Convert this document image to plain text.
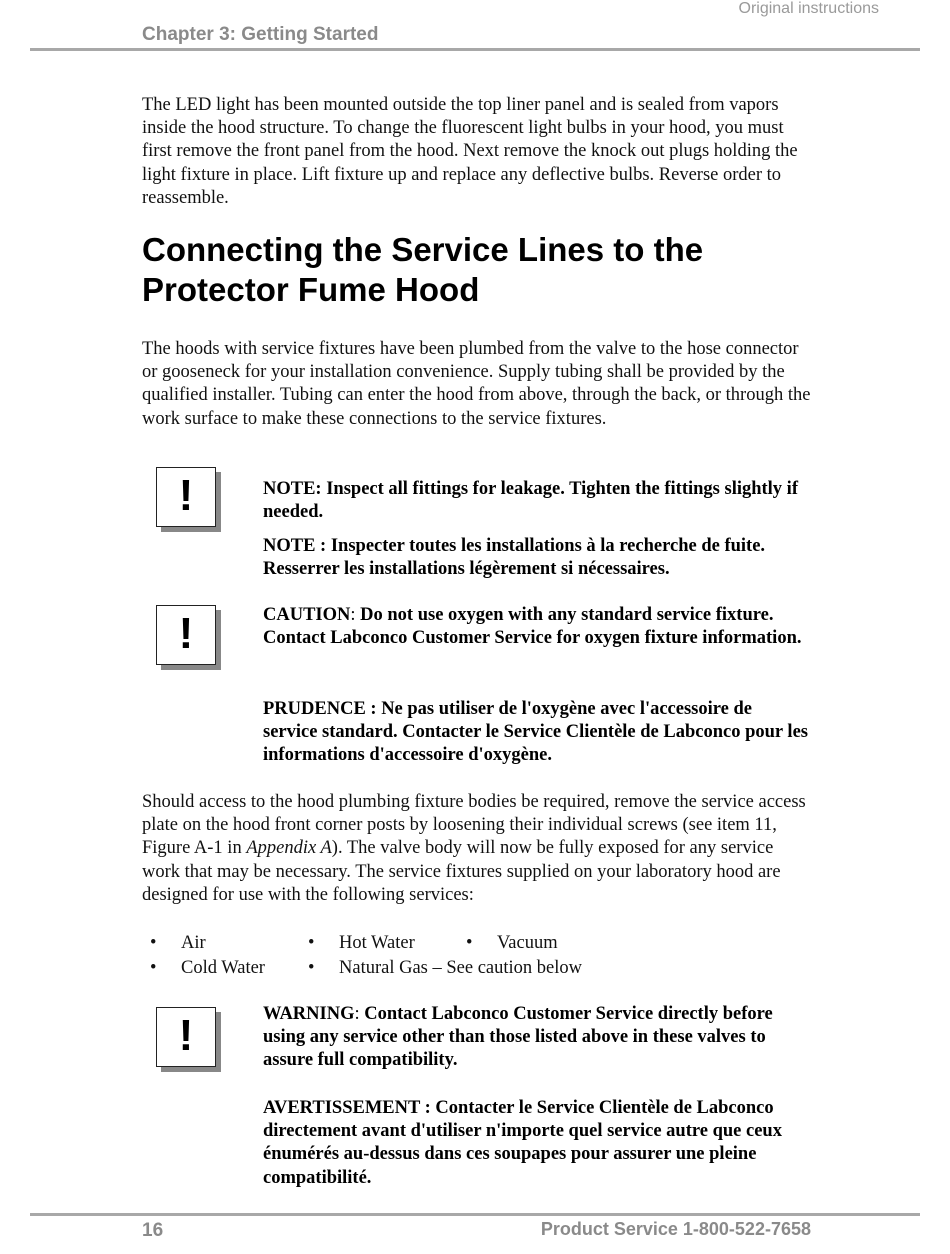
Original instructions
Chapter 3: Getting Started

The LED light has been mounted outside the top liner panel and is sealed from vapors inside the hood structure. To change the fluorescent light bulbs in your hood, you must first remove the front panel from the hood. Next remove the knock out plugs holding the light fixture in place. Lift fixture up and replace any deflective bulbs. Reverse order to reassemble.

Connecting the Service Lines to the
Protector Fume Hood

The hoods with service fixtures have been plumbed from the valve to the hose connector or gooseneck for your installation convenience. Supply tubing shall be provided by the qualified installer. Tubing can enter the hood from above, through the back, or through the work surface to make these connections to the service fixtures.

!	NOTE: Inspect all fittings for leakage. Tighten the fittings slightly if needed.

NOTE : Inspecter toutes les installations à la recherche de fuite. Resserrer les installations légèrement si nécessaires.

!	CAUTION: Do not use oxygen with any standard service fixture. Contact Labconco Customer Service for oxygen fixture information.

PRUDENCE : Ne pas utiliser de l'oxygène avec l'accessoire de service standard. Contacter le Service Clientèle de Labconco pour les informations d'accessoire d'oxygène.

Should access to the hood plumbing fixture bodies be required, remove the service access plate on the hood front corner posts by loosening their individual screws (see item 11, Figure A-1 in Appendix A). The valve body will now be fully exposed for any service work that may be necessary. The service fixtures supplied on your laboratory hood are designed for use with the following services:

• Air
• Cold Water
• Hot Water
• Natural Gas – See caution below
• Vacuum
!	WARNING: Contact Labconco Customer Service directly before using any service other than those listed above in these valves to assure full compatibility.

AVERTISSEMENT : Contacter le Service Clientèle de Labconco directement avant d'utiliser n'importe quel service autre que ceux énumérés au-dessus dans ces soupapes pour assurer une pleine compatibilité.

16	Product Service 1-800-522-7658
